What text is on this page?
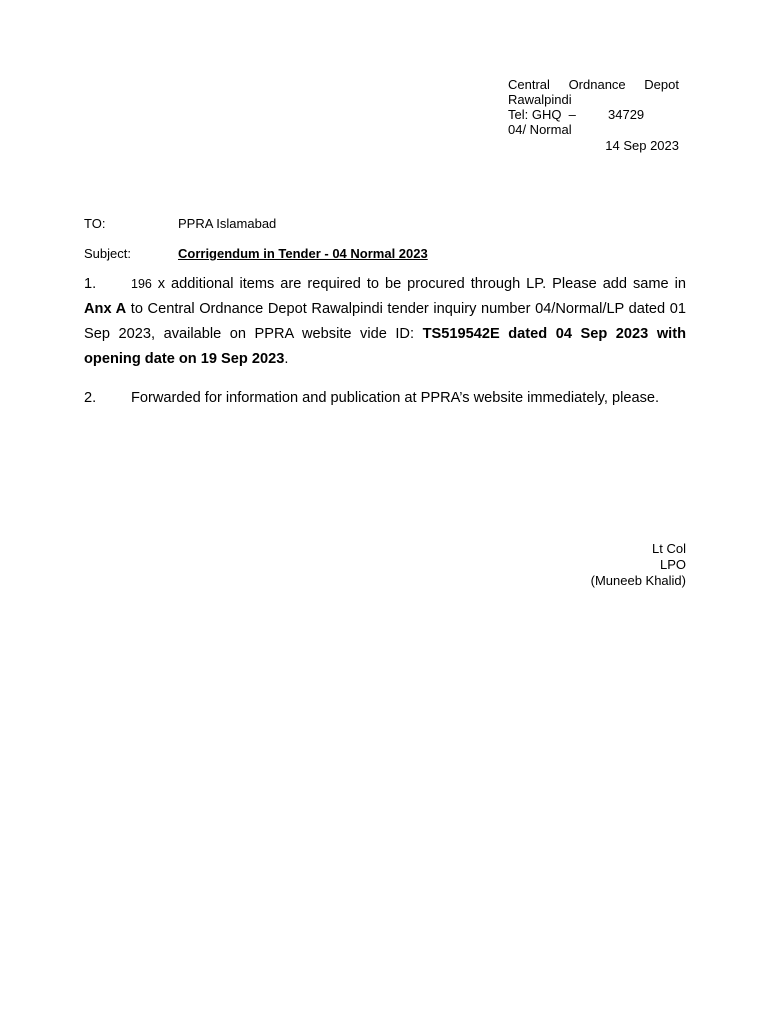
Central Ordnance Depot
Rawalpindi
Tel: GHQ  –	34729
04/ Normal
14 Sep 2023
TO:	PPRA Islamabad
Subject:	Corrigendum in Tender - 04 Normal 2023
1.	196 x additional items are required to be procured through LP. Please add same in Anx A to Central Ordnance Depot Rawalpindi tender inquiry number 04/Normal/LP dated 01 Sep 2023, available on PPRA website vide ID: TS519542E dated 04 Sep 2023 with opening date on 19 Sep 2023.
2. Forwarded for information and publication at PPRA’s website immediately, please.
Lt Col
LPO
(Muneeb Khalid)
